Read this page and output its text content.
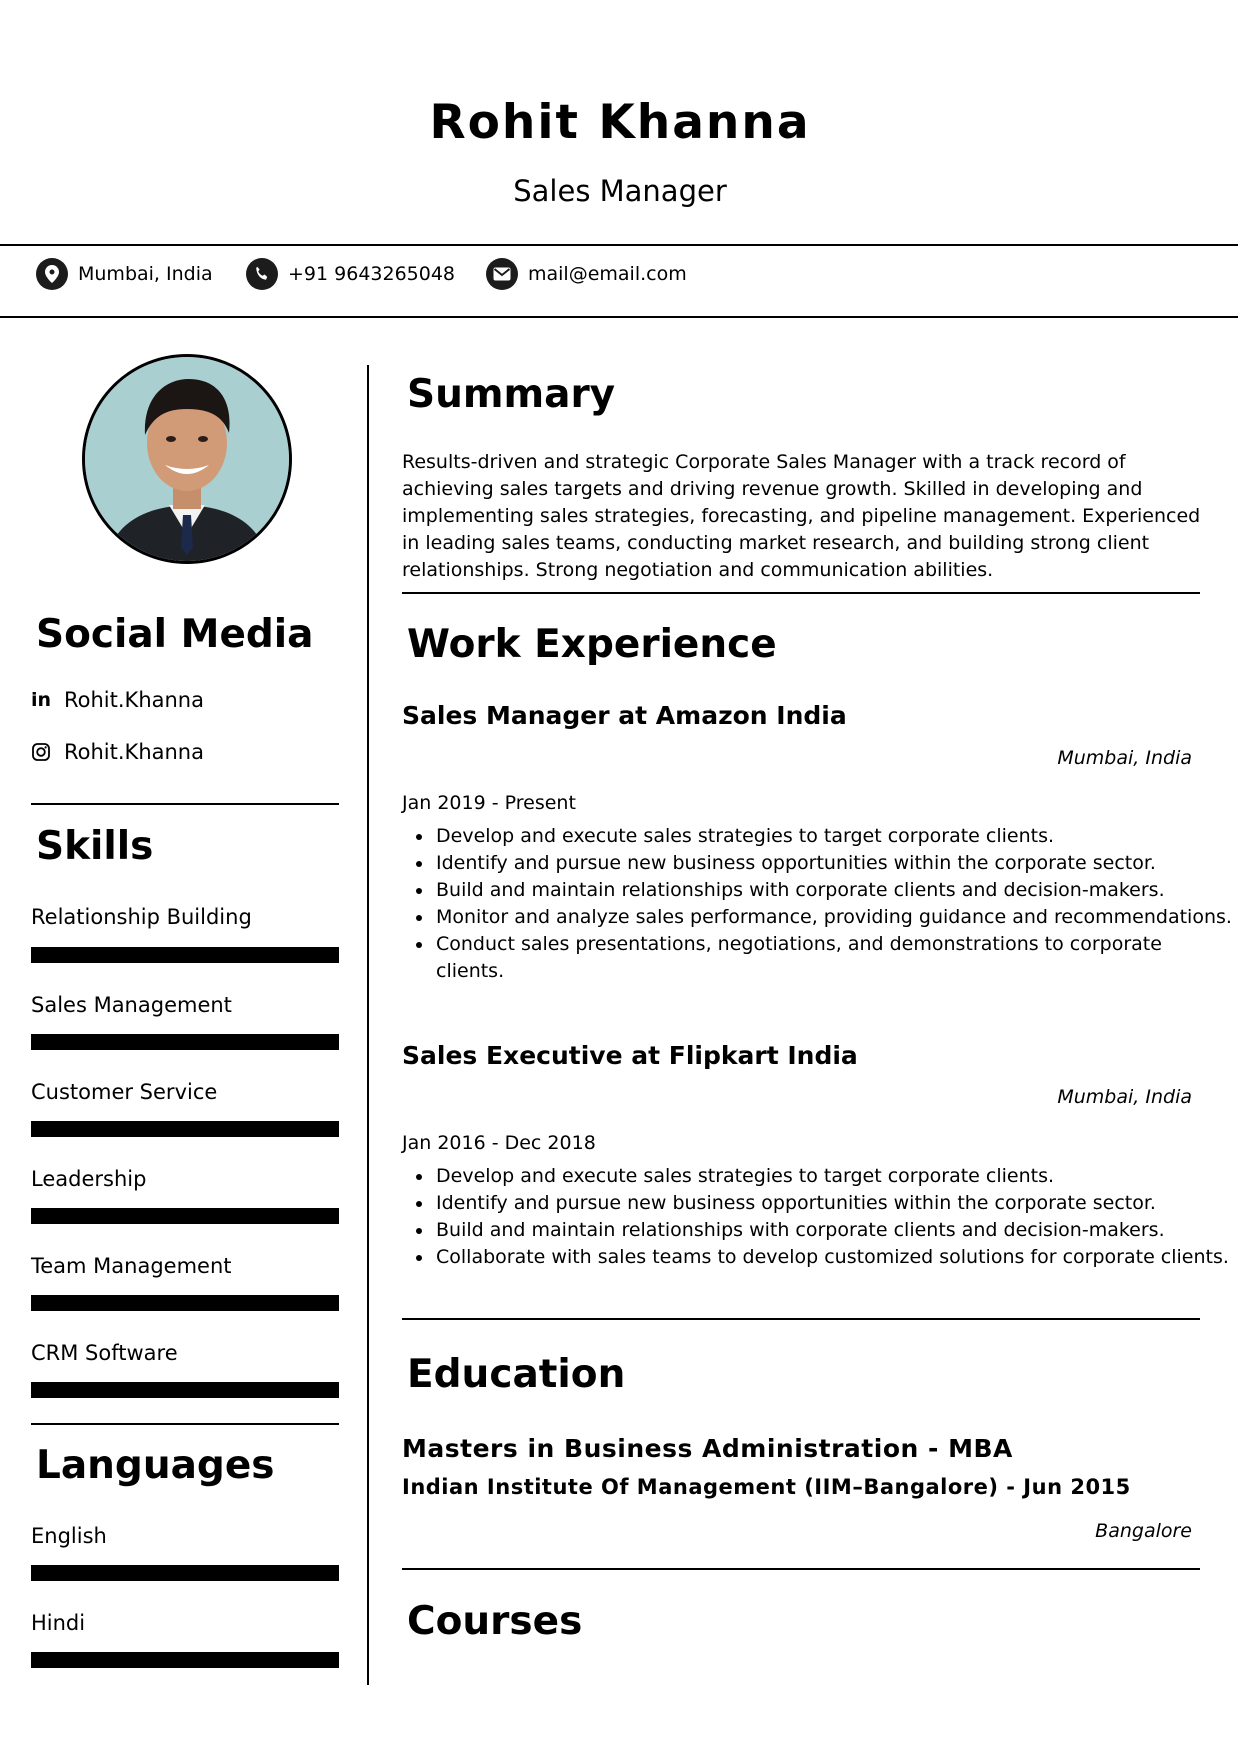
Rohit Khanna
Sales Manager
Mumbai, India	+91 9643265048	mail@email.com
Social Media
in Rohit.Khanna
Rohit.Khanna
Skills
Relationship Building
Sales Management
Customer Service
Leadership
Team Management
CRM Software
Languages
English
Hindi
Summary
Results-driven and strategic Corporate Sales Manager with a track record of achieving sales targets and driving revenue growth. Skilled in developing and implementing sales strategies, forecasting, and pipeline management. Experienced in leading sales teams, conducting market research, and building strong client relationships. Strong negotiation and communication abilities.
Work Experience
Sales Manager at Amazon India
Mumbai, India
Jan 2019 - Present
• Develop and execute sales strategies to target corporate clients.
• Identify and pursue new business opportunities within the corporate sector.
• Build and maintain relationships with corporate clients and decision-makers.
• Monitor and analyze sales performance, providing guidance and recommendations.
• Conduct sales presentations, negotiations, and demonstrations to corporate clients.
Sales Executive at Flipkart India
Mumbai, India
Jan 2016 - Dec 2018
• Develop and execute sales strategies to target corporate clients.
• Identify and pursue new business opportunities within the corporate sector.
• Build and maintain relationships with corporate clients and decision-makers.
• Collaborate with sales teams to develop customized solutions for corporate clients.
Education
Masters in Business Administration - MBA
Indian Institute Of Management (IIM–Bangalore) - Jun 2015
Bangalore
Courses
